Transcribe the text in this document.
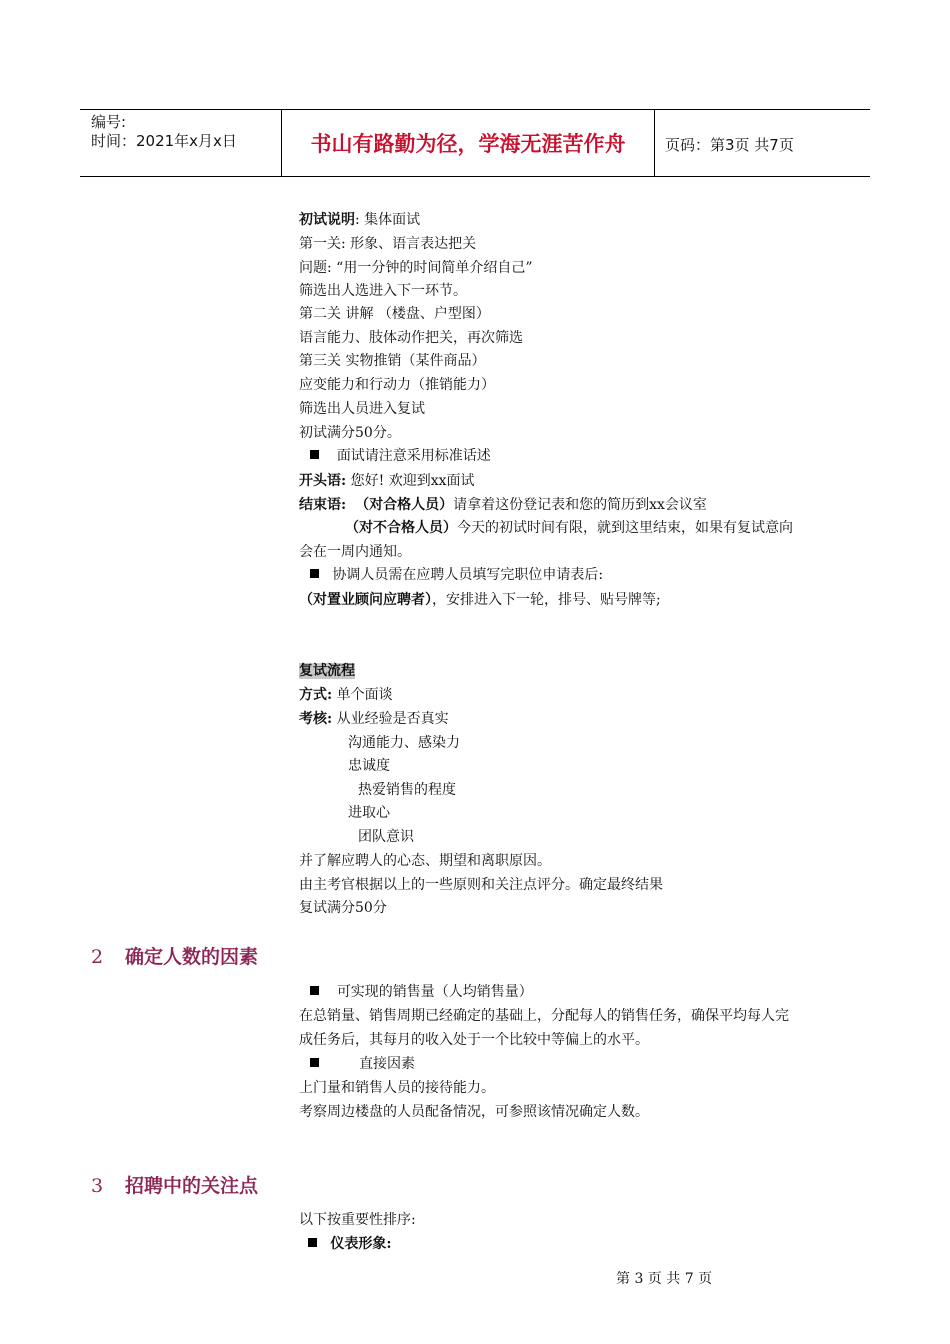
编号:
时间：2021年x月x日	书山有路勤为径，学海无涯苦作舟	页码：第3页 共7页
初试说明: 集体面试
第一关: 形象、语言表达把关
问题: “用一分钟的时间简单介绍自己”
筛选出人选进入下一环节。
第二关 讲解 （楼盘、户型图）
语言能力、肢体动作把关，再次筛选
第三关 实物推销（某件商品）
应变能力和行动力（推销能力）
筛选出人员进入复试
初试满分50分。
面试请注意采用标准话述
开头语: 您好! 欢迎到xx面试
结束语: （对合格人员）请拿着这份登记表和您的简历到xx会议室
（对不合格人员）今天的初试时间有限，就到这里结束，如果有复试意向
会在一周内通知。
协调人员需在应聘人员填写完职位申请表后:
（对置业顾问应聘者），安排进入下一轮，排号、贴号牌等;
复试流程
方式: 单个面谈
考核: 从业经验是否真实
沟通能力、感染力
忠诚度
热爱销售的程度
进取心
团队意识
并了解应聘人的心态、期望和离职原因。
由主考官根据以上的一些原则和关注点评分。确定最终结果
复试满分50分
2 确定人数的因素
可实现的销售量（人均销售量）
在总销量、销售周期已经确定的基础上，分配每人的销售任务，确保平均每人完
成任务后，其每月的收入处于一个比较中等偏上的水平。
直接因素
上门量和销售人员的接待能力。
考察周边楼盘的人员配备情况，可参照该情况确定人数。
3 招聘中的关注点
以下按重要性排序:
仪表形象:
第 3 页 共 7 页
